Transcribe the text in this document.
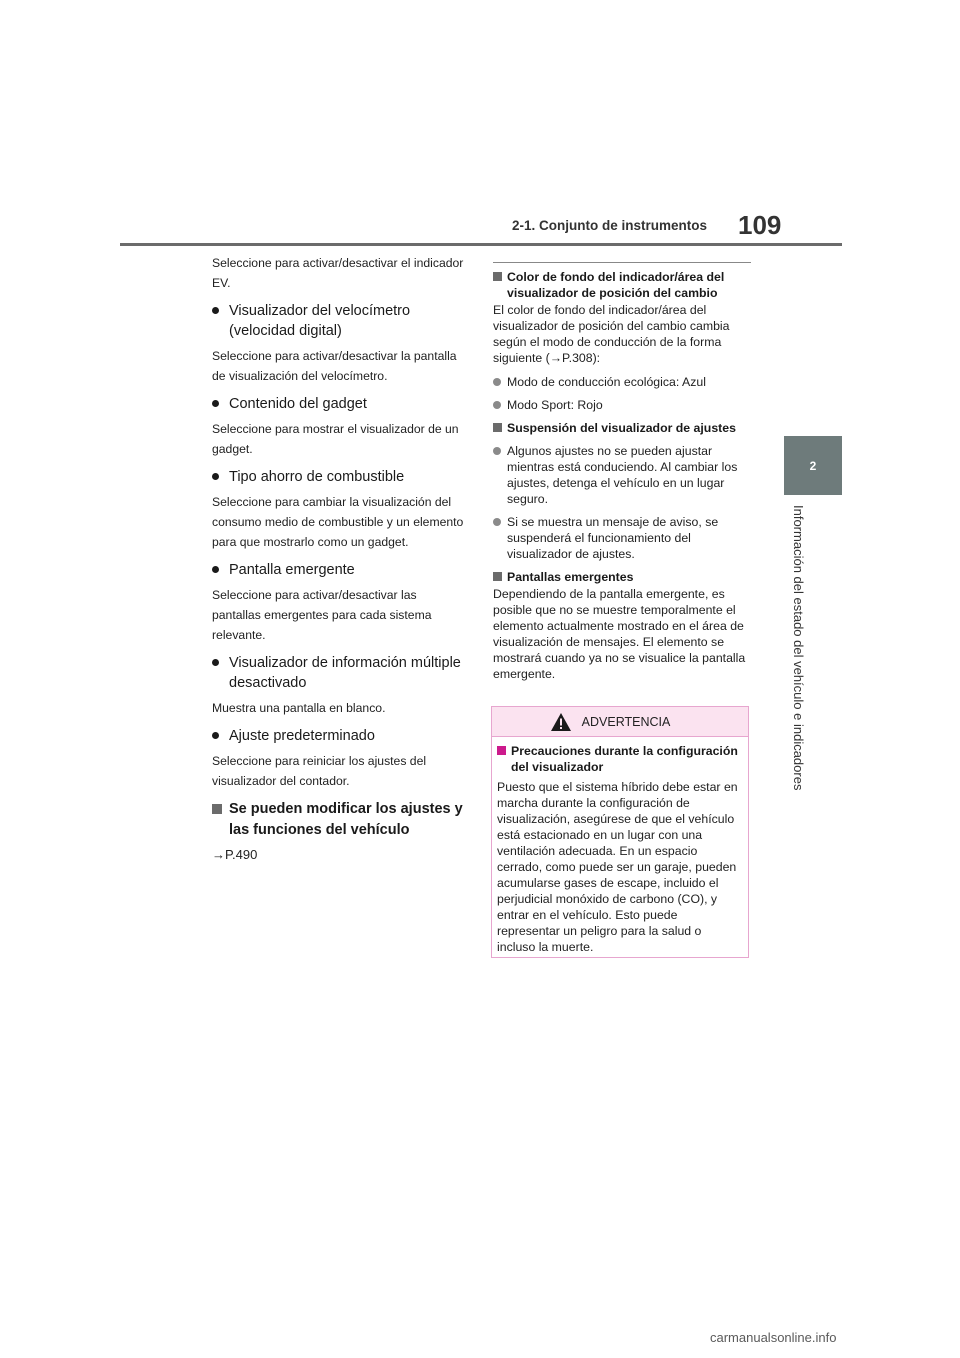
2-1. Conjunto de instrumentos 109
2
Información del estado del vehículo e indicadores

Seleccione para activar/desactivar el indicador EV.

Visualizador del velocímetro (velocidad digital)

Seleccione para activar/desactivar la pantalla de visualización del velocímetro.

Contenido del gadget

Seleccione para mostrar el visualizador de un gadget.

Tipo ahorro de combustible

Seleccione para cambiar la visualización del consumo medio de combustible y un elemento para que mostrarlo como un gadget.

Pantalla emergente

Seleccione para activar/desactivar las pantallas emergentes para cada sistema relevante.

Visualizador de información múltiple desactivado

Muestra una pantalla en blanco.

Ajuste predeterminado

Seleccione para reiniciar los ajustes del visualizador del contador.

Se pueden modificar los ajustes y las funciones del vehículo

→P.490

Color de fondo del indicador/área del visualizador de posición del cambio

El color de fondo del indicador/área del visualizador de posición del cambio cambia según el modo de conducción de la forma siguiente (→P.308):

Modo de conducción ecológica: Azul

Modo Sport: Rojo

Suspensión del visualizador de ajustes

Algunos ajustes no se pueden ajustar mientras está conduciendo. Al cambiar los ajustes, detenga el vehículo en un lugar seguro.

Si se muestra un mensaje de aviso, se suspenderá el funcionamiento del visualizador de ajustes.

Pantallas emergentes

Dependiendo de la pantalla emergente, es posible que no se muestre temporalmente el elemento actualmente mostrado en el área de visualización de mensajes. El elemento se mostrará cuando ya no se visualice la pantalla emergente.

ADVERTENCIA

Precauciones durante la configuración del visualizador

Puesto que el sistema híbrido debe estar en marcha durante la configuración de visualización, asegúrese de que el vehículo está estacionado en un lugar con una ventilación adecuada. En un espacio cerrado, como puede ser un garaje, pueden acumularse gases de escape, incluido el perjudicial monóxido de carbono (CO), y entrar en el vehículo. Esto puede representar un peligro para la salud o incluso la muerte.

carmanualsonline.info
